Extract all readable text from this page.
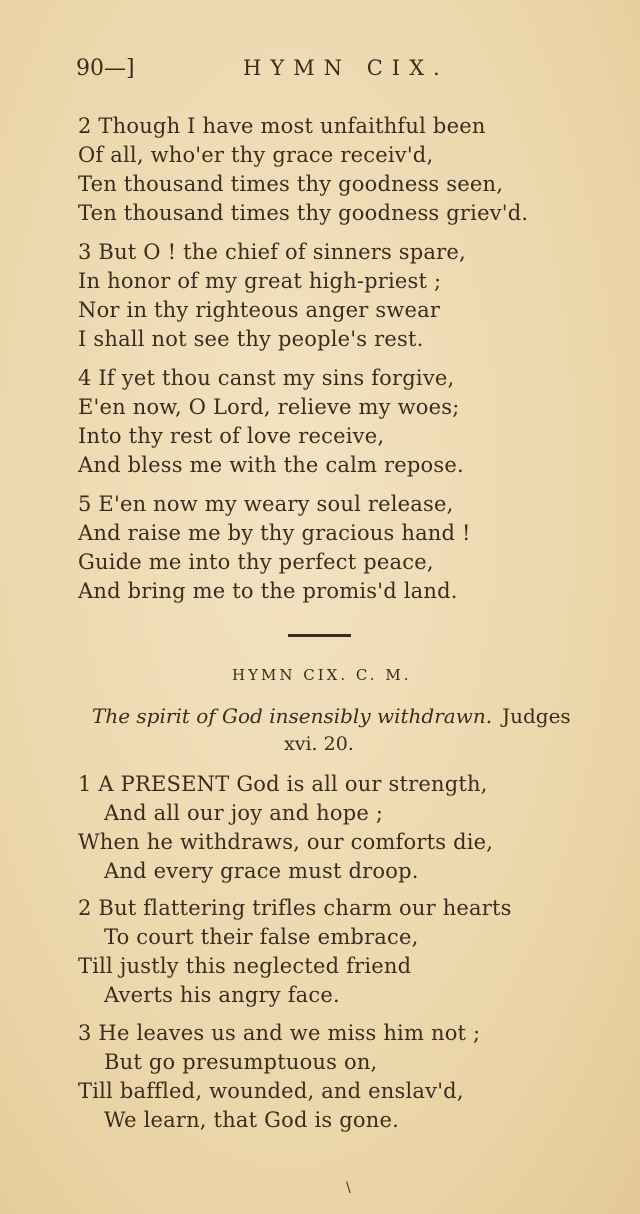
90—]	HYMN CIX.
2 Though I have most unfaithful been
Of all, who'er thy grace receiv'd,
Ten thousand times thy goodness seen,
Ten thousand times thy goodness griev'd.
3 But O ! the chief of sinners spare,
In honor of my great high-priest ;
Nor in thy righteous anger swear
I shall not see thy people's rest.
4 If yet thou canst my sins forgive,
E'en now, O Lord, relieve my woes;
Into thy rest of love receive,
And bless me with the calm repose.
5 E'en now my weary soul release,
And raise me by thy gracious hand !
Guide me into thy perfect peace,
And bring me to the promis'd land.
HYMN CIX. C. M.
The spirit of God insensibly withdrawn. Judges
xvi. 20.
1 A PRESENT God is all our strength,
And all our joy and hope ;
When he withdraws, our comforts die,
And every grace must droop.
2 But flattering trifles charm our hearts
To court their false embrace,
Till justly this neglected friend
Averts his angry face.
3 He leaves us and we miss him not ;
But go presumptuous on,
Till baffled, wounded, and enslav'd,
We learn, that God is gone.
\
